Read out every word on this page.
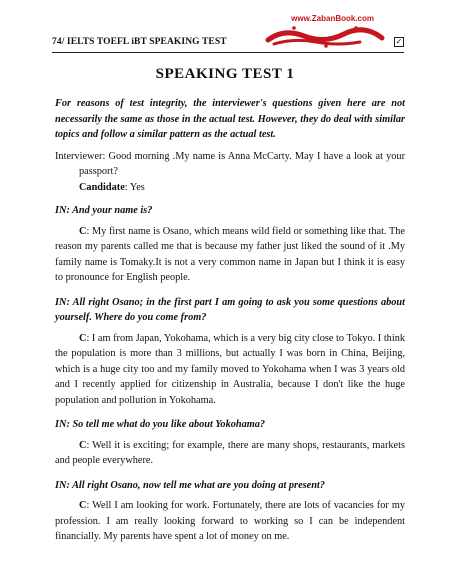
74/ IELTS TOEFL iBT SPEAKING TEST
www.ZabanBook.com
✓
SPEAKING TEST 1

For reasons of test integrity, the interviewer's questions given here are not necessarily the same as those in the actual test. However, they do deal with similar topics and follow a similar pattern as the actual test.

Interviewer: Good morning .My name is Anna McCarty. May I have a look at your passport?

Candidate: Yes

IN: And your name is?

C: My first name is Osano, which means wild field or something like that. The reason my parents called me that is because my father just liked the sound of it .My family name is Tomaky.It is not a very common name in Japan but I think it is easy to pronounce for English people.

IN: All right Osano; in the first part I am going to ask you some questions about yourself. Where do you come from?

C: I am from Japan, Yokohama, which is a very big city close to Tokyo. I think the population is more than 3 millions, but actually I was born in China, Beijing, which is a huge city too and my family moved to Yokohama when I was 3 years old and I recently applied for citizenship in Australia, because I don't like the huge population and pollution in Yokohama.

IN: So tell me what do you like about Yokohama?

C: Well it is exciting; for example, there are many shops, restaurants, markets and people everywhere.

IN: All right Osano, now tell me what are you doing at present?

C: Well I am looking for work. Fortunately, there are lots of vacancies for my profession. I am really looking forward to working so I can be independent financially. My parents have spent a lot of money on me.
